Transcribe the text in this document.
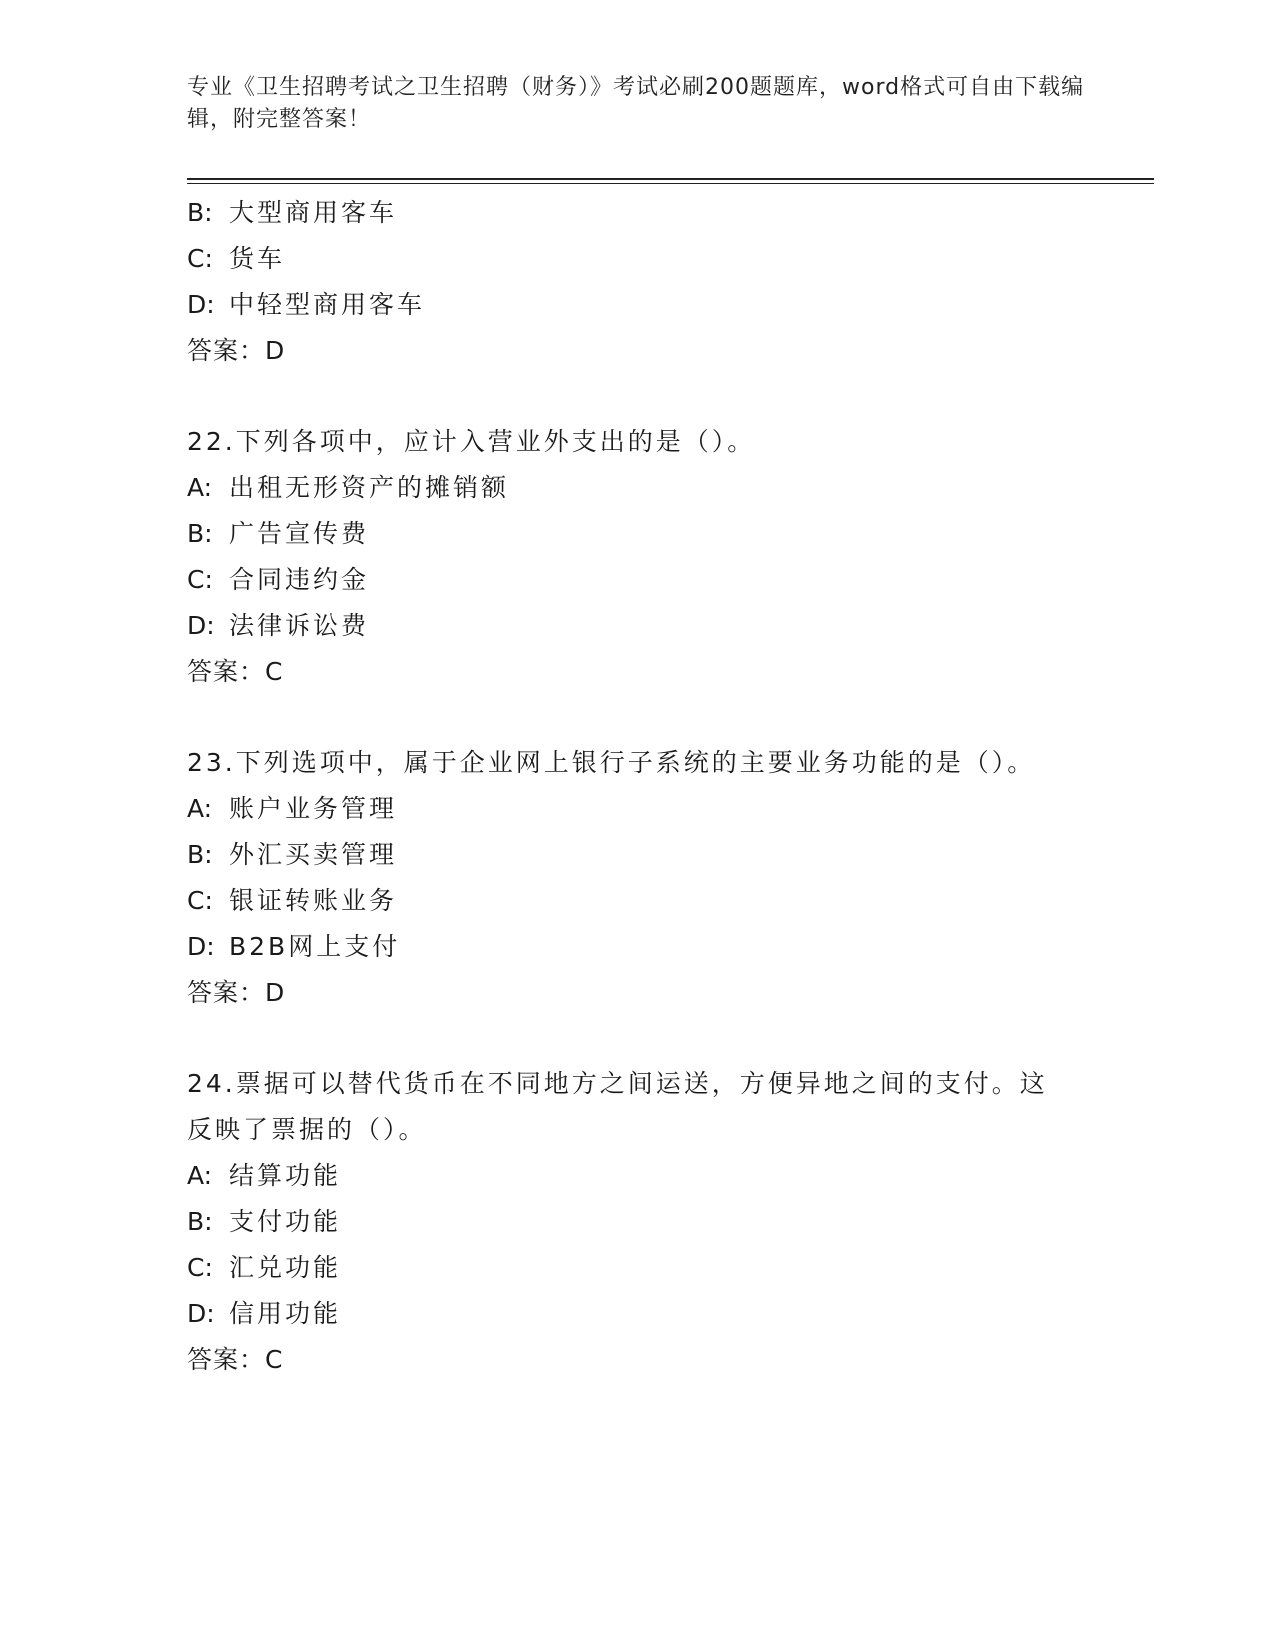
专业《卫生招聘考试之卫生招聘（财务）》考试必刷200题题库，word格式可自由下载编辑，附完整答案！
B: 大型商用客车
C: 货车
D: 中轻型商用客车
答案：D
22.下列各项中，应计入营业外支出的是（）。
A: 出租无形资产的摊销额
B: 广告宣传费
C: 合同违约金
D: 法律诉讼费
答案：C
23.下列选项中，属于企业网上银行子系统的主要业务功能的是（）。
A: 账户业务管理
B: 外汇买卖管理
C: 银证转账业务
D: B2B网上支付
答案：D
24.票据可以替代货币在不同地方之间运送，方便异地之间的支付。这反映了票据的（）。
A: 结算功能
B: 支付功能
C: 汇兑功能
D: 信用功能
答案：C
